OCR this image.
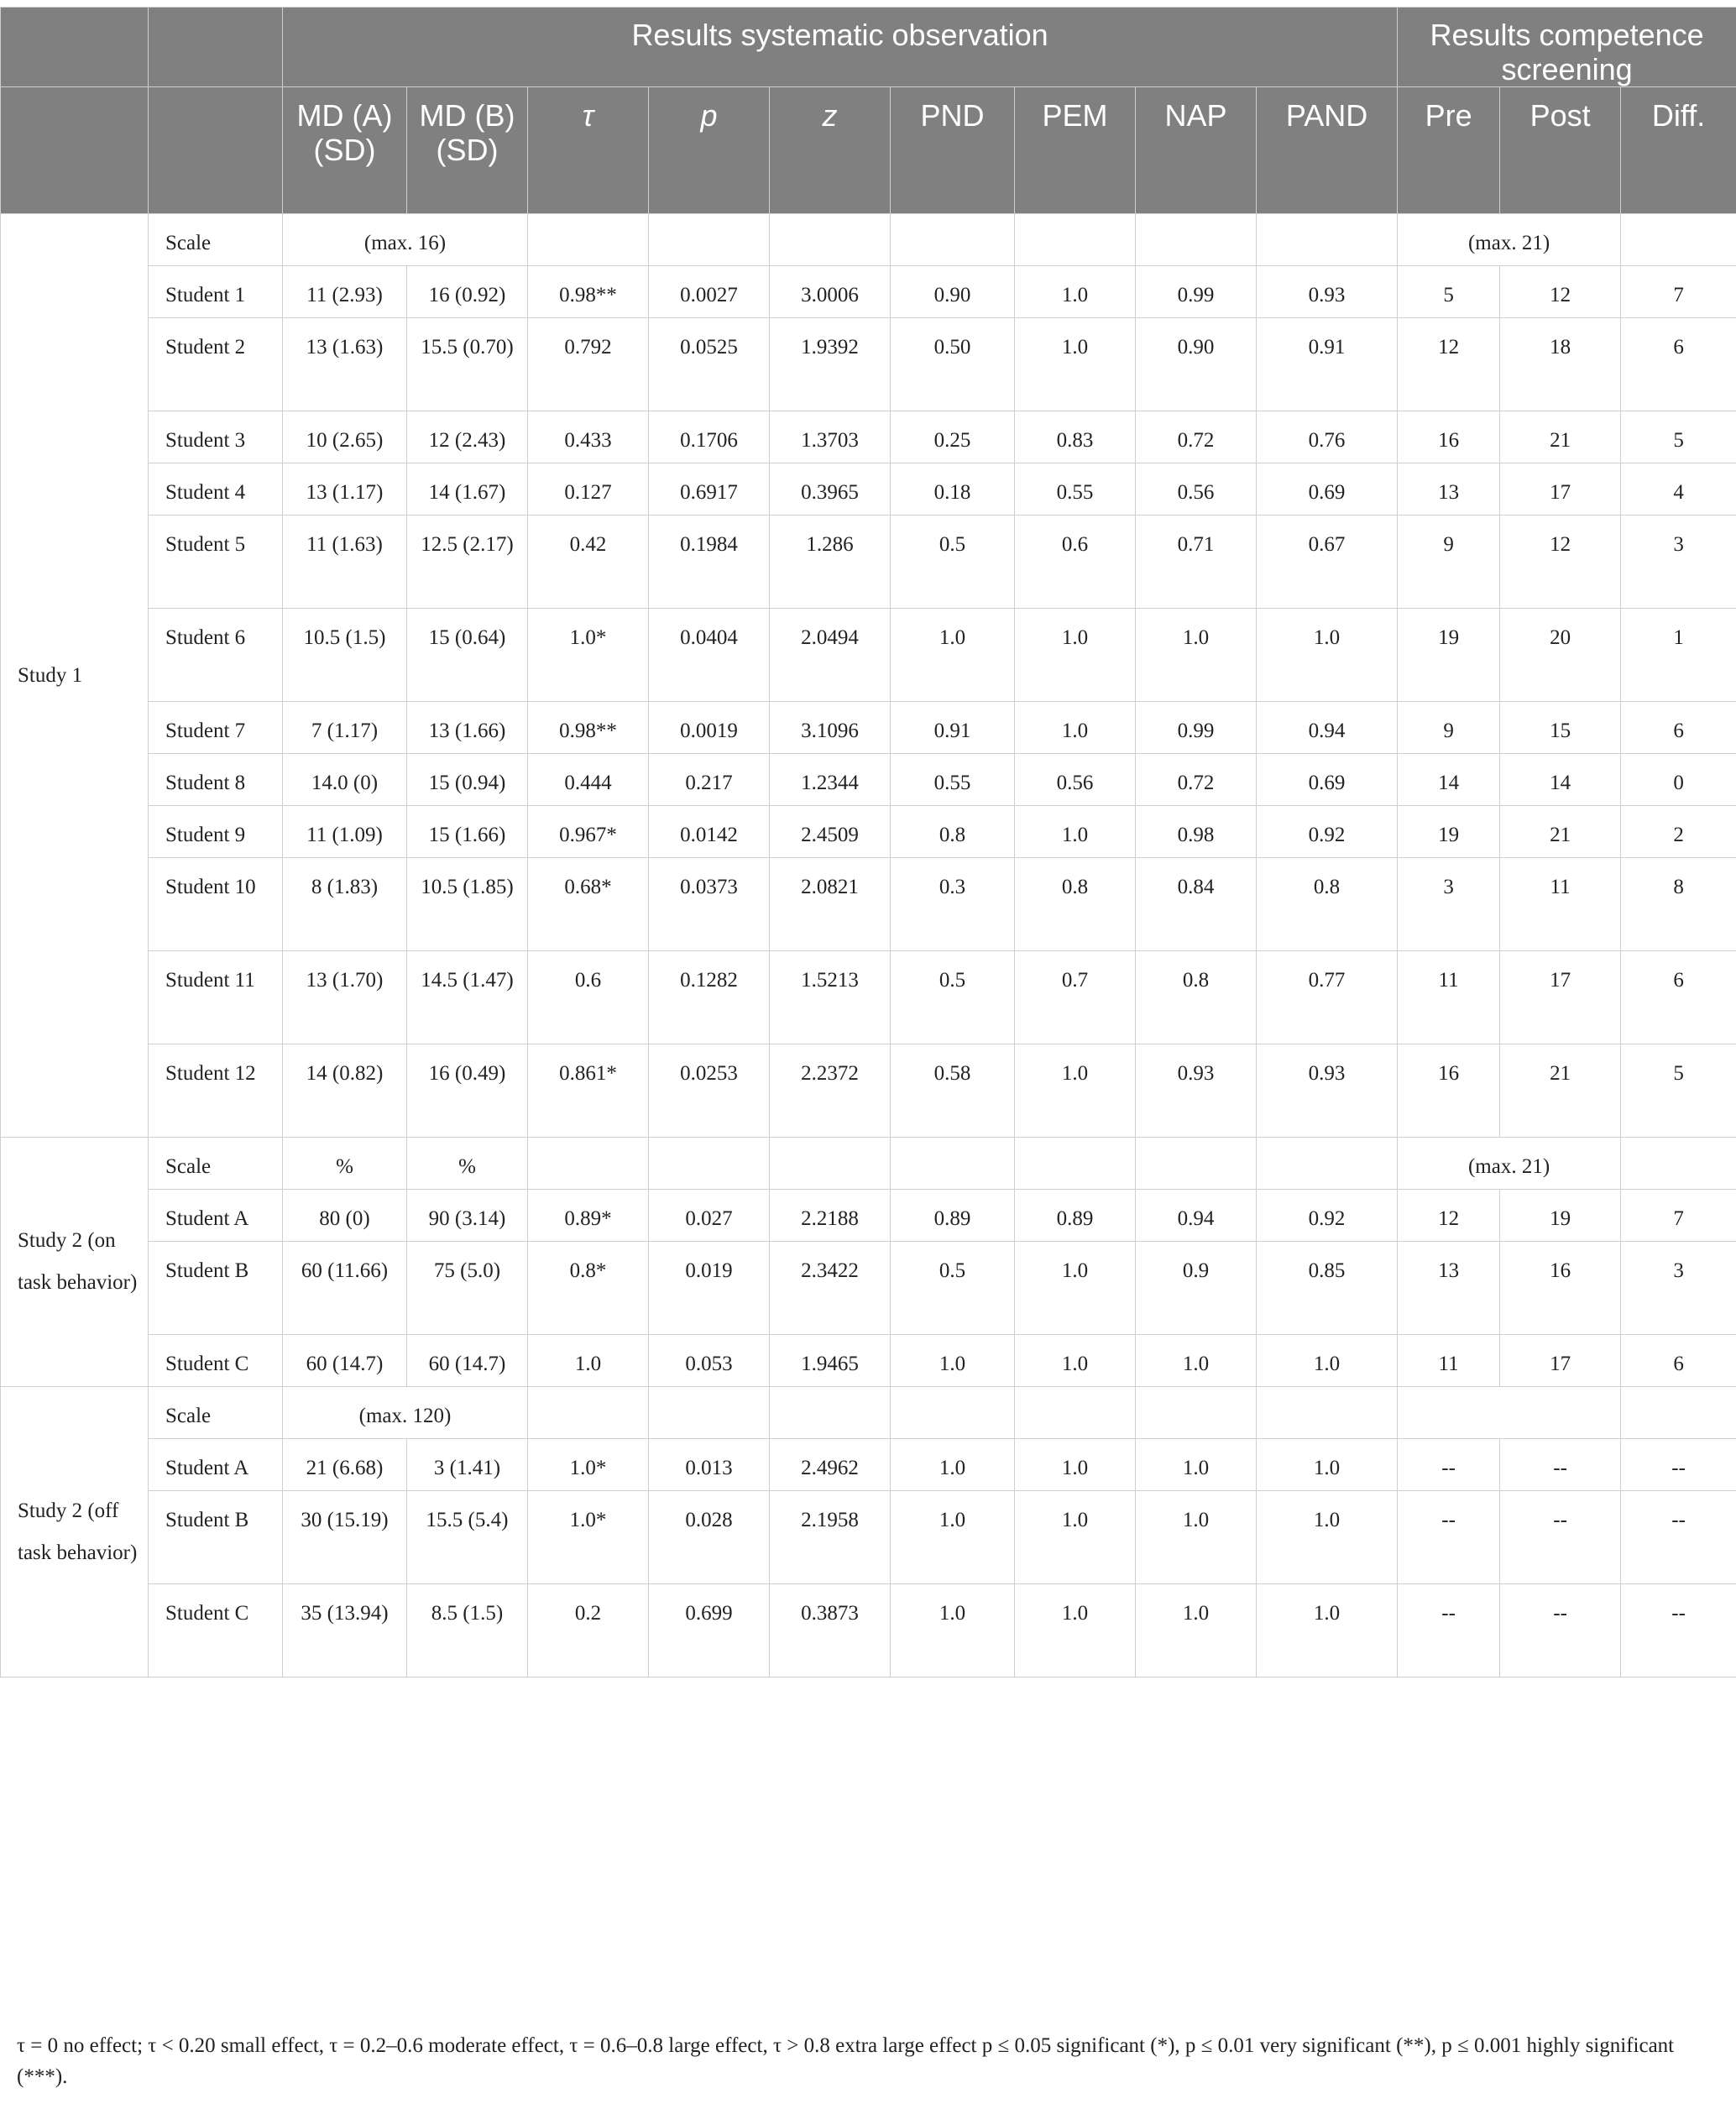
		Results systematic observation									Results competence screening		
		MD (A) (SD)	MD (B) (SD)	τ	p	z	PND	PEM	NAP	PAND	Pre	Post	Diff.
Study 1	Scale	(max. 16)									(max. 21)		
	Student 1	11 (2.93)	16 (0.92)	0.98**	0.0027	3.0006	0.90	1.0	0.99	0.93	5	12	7
	Student 2	13 (1.63)	15.5 (0.70)	0.792	0.0525	1.9392	0.50	1.0	0.90	0.91	12	18	6
	Student 3	10 (2.65)	12 (2.43)	0.433	0.1706	1.3703	0.25	0.83	0.72	0.76	16	21	5
	Student 4	13 (1.17)	14 (1.67)	0.127	0.6917	0.3965	0.18	0.55	0.56	0.69	13	17	4
	Student 5	11 (1.63)	12.5 (2.17)	0.42	0.1984	1.286	0.5	0.6	0.71	0.67	9	12	3
	Student 6	10.5 (1.5)	15 (0.64)	1.0*	0.0404	2.0494	1.0	1.0	1.0	1.0	19	20	1
	Student 7	7 (1.17)	13 (1.66)	0.98**	0.0019	3.1096	0.91	1.0	0.99	0.94	9	15	6
	Student 8	14.0 (0)	15 (0.94)	0.444	0.217	1.2344	0.55	0.56	0.72	0.69	14	14	0
	Student 9	11 (1.09)	15 (1.66)	0.967*	0.0142	2.4509	0.8	1.0	0.98	0.92	19	21	2
	Student 10	8 (1.83)	10.5 (1.85)	0.68*	0.0373	2.0821	0.3	0.8	0.84	0.8	3	11	8
	Student 11	13 (1.70)	14.5 (1.47)	0.6	0.1282	1.5213	0.5	0.7	0.8	0.77	11	17	6
	Student 12	14 (0.82)	16 (0.49)	0.861*	0.0253	2.2372	0.58	1.0	0.93	0.93	16	21	5
Study 2 (on task behavior)	Scale	%	%								(max. 21)		
	Student A	80 (0)	90 (3.14)	0.89*	0.027	2.2188	0.89	0.89	0.94	0.92	12	19	7
	Student B	60 (11.66)	75 (5.0)	0.8*	0.019	2.3422	0.5	1.0	0.9	0.85	13	16	3
	Student C	60 (14.7)	60 (14.7)	1.0	0.053	1.9465	1.0	1.0	1.0	1.0	11	17	6
Study 2 (off task behavior)	Scale	(max. 120)											
	Student A	21 (6.68)	3 (1.41)	1.0*	0.013	2.4962	1.0	1.0	1.0	1.0	--	--	--
	Student B	30 (15.19)	15.5 (5.4)	1.0*	0.028	2.1958	1.0	1.0	1.0	1.0	--	--	--
	Student C	35 (13.94)	8.5 (1.5)	0.2	0.699	0.3873	1.0	1.0	1.0	1.0	--	--	--
τ = 0 no effect; τ < 0.20 small effect, τ = 0.2–0.6 moderate effect, τ = 0.6–0.8 large effect, τ > 0.8 extra large effect p ≤ 0.05 significant (*), p ≤ 0.01 very significant (**), p ≤ 0.001 highly significant (***).
